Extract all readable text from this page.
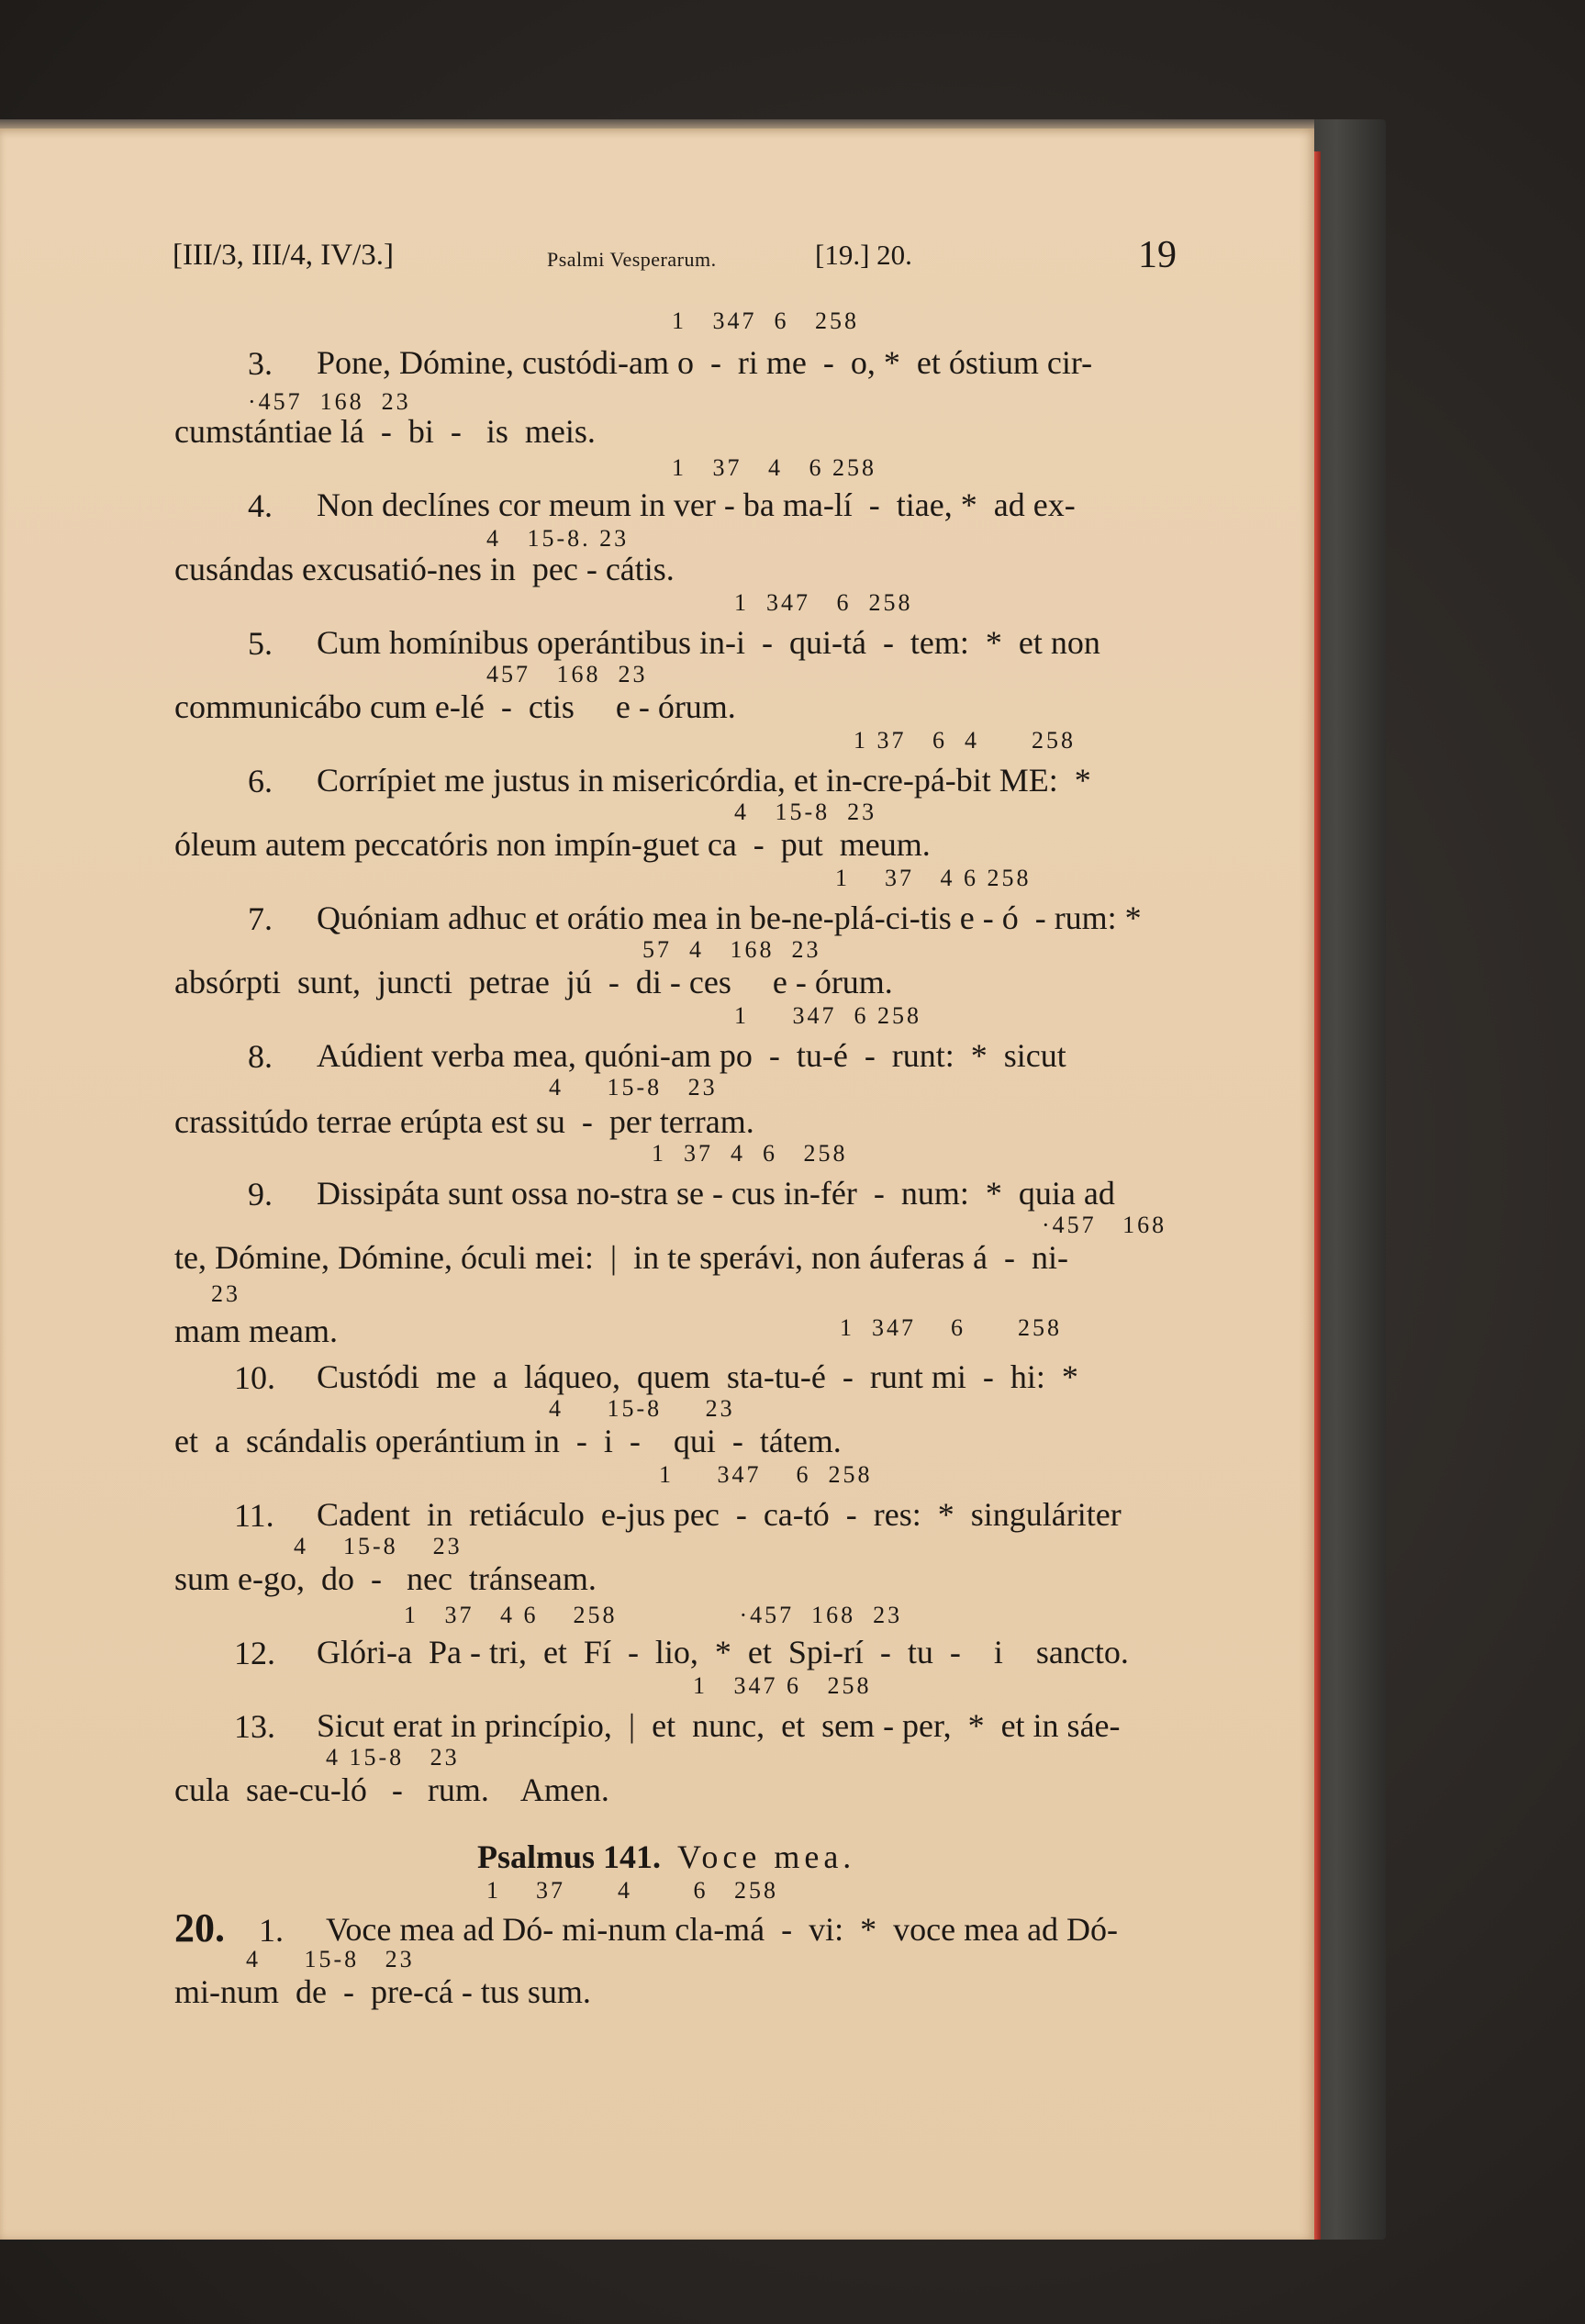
[III/3, III/4, IV/3.]	Psalmi Vesperarum.	[19.] 20.	19
1   347  6   258
3. Pone, Dómine, custódi-am o  -  ri me  -  o, *  et óstium cir-
·457  168  23
cumstántiae lá  -  bi  -   is  meis.
1   37   4   6 258
4. Non declínes cor meum in ver - ba ma-lí  -  tiae, *  ad ex-
4   15-8. 23
cusándas excusatió-nes in  pec - cátis.
1  347   6  258
5. Cum homínibus operántibus in-i  -  qui-tá  -  tem:  *  et non
457   168  23
communicábo cum e-lé  -  ctis     e - órum.
1 37   6  4      258
6. Corrípiet me justus in misericórdia, et in-cre-pá-bit ME:  *
4   15-8  23
óleum autem peccatóris non impín-guet ca  -  put  meum.
1    37   4 6 258
7. Quóniam adhuc et orátio mea in be-ne-plá-ci-tis e - ó  - rum: *
57  4   168  23
absórpti  sunt,  juncti  petrae  jú  -  di - ces     e - órum.
1     347  6 258
8. Aúdient verba mea, quóni-am po  -  tu-é  -  runt:  *  sicut
4     15-8   23
crassitúdo terrae erúpta est su  -  per terram.
1  37  4  6   258
9. Dissipáta sunt ossa no-stra se - cus in-fér  -  num:  *  quia ad
·457   168
te, Dómine, Dómine, óculi mei:  |  in te sperávi, non áuferas á  -  ni-
23
mam meam.	1  347    6      258
10. Custódi  me  a  láqueo,  quem  sta-tu-é  -  runt mi  -  hi:  *
4     15-8     23
et  a  scándalis operántium in  -  i  -    qui  -  tátem.
1     347    6  258
11. Cadent  in  retiáculo  e-jus pec  -  ca-tó  -  res:  *  singuláriter
4    15-8    23
sum e-go,  do  -   nec  tránseam.
1   37   4 6    258              ·457  168  23
12. Glóri-a  Pa - tri,  et  Fí  -  lio,  *  et  Spi-rí  -  tu  -    i    sancto.
1   347 6   258
13. Sicut erat in princípio,  |  et  nunc,  et  sem - per,  *  et in sáe-
4 15-8   23
cula  sae-cu-ló   -   rum.    Amen.
Psalmus 141. Voce mea.
1    37      4       6   258
20. 1. Voce mea ad Dó- mi-num cla-má  -  vi:  *  voce mea ad Dó-
4     15-8   23
mi-num  de  -  pre-cá - tus sum.
